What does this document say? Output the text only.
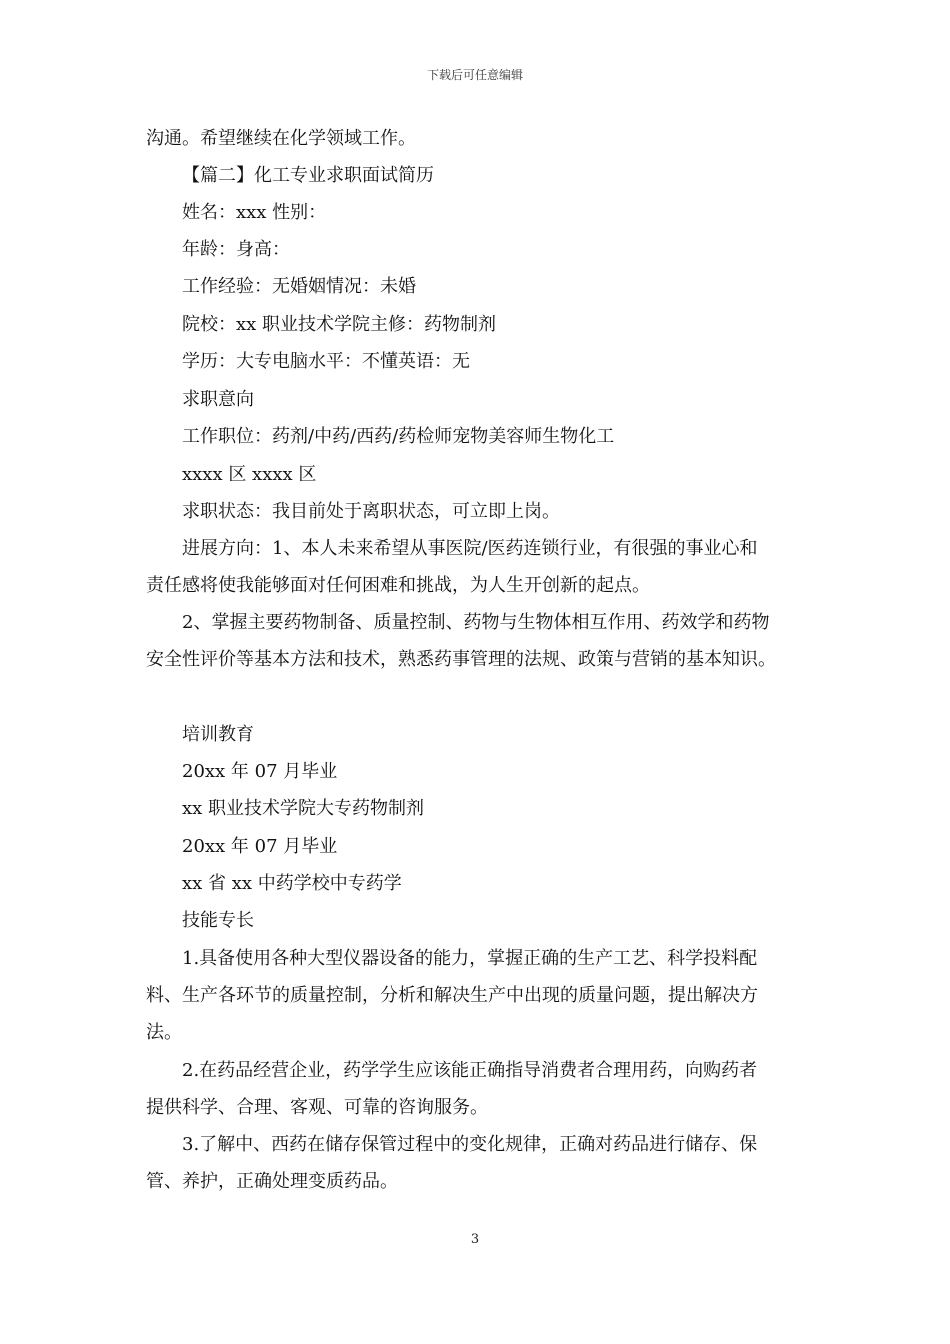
下载后可任意编辑
沟通。希望继续在化学领域工作。
【篇二】化工专业求职面试简历
姓名：xxx 性别：
年龄：身高：
工作经验：无婚姻情况：未婚
院校：xx 职业技术学院主修：药物制剂
学历：大专电脑水平：不懂英语：无
求职意向
工作职位：药剂/中药/西药/药检师宠物美容师生物化工
xxxx 区 xxxx 区
求职状态：我目前处于离职状态，可立即上岗。
进展方向：1、本人未来希望从事医院/医药连锁行业，有很强的事业心和
责任感将使我能够面对任何困难和挑战，为人生开创新的起点。
2、掌握主要药物制备、质量控制、药物与生物体相互作用、药效学和药物
安全性评价等基本方法和技术，熟悉药事管理的法规、政策与营销的基本知识。
培训教育
20xx 年 07 月毕业
xx 职业技术学院大专药物制剂
20xx 年 07 月毕业
xx 省 xx 中药学校中专药学
技能专长
1.具备使用各种大型仪器设备的能力，掌握正确的生产工艺、科学投料配
料、生产各环节的质量控制，分析和解决生产中出现的质量问题，提出解决方
法。
2.在药品经营企业，药学学生应该能正确指导消费者合理用药，向购药者
提供科学、合理、客观、可靠的咨询服务。
3.了解中、西药在储存保管过程中的变化规律，正确对药品进行储存、保
管、养护，正确处理变质药品。
3
